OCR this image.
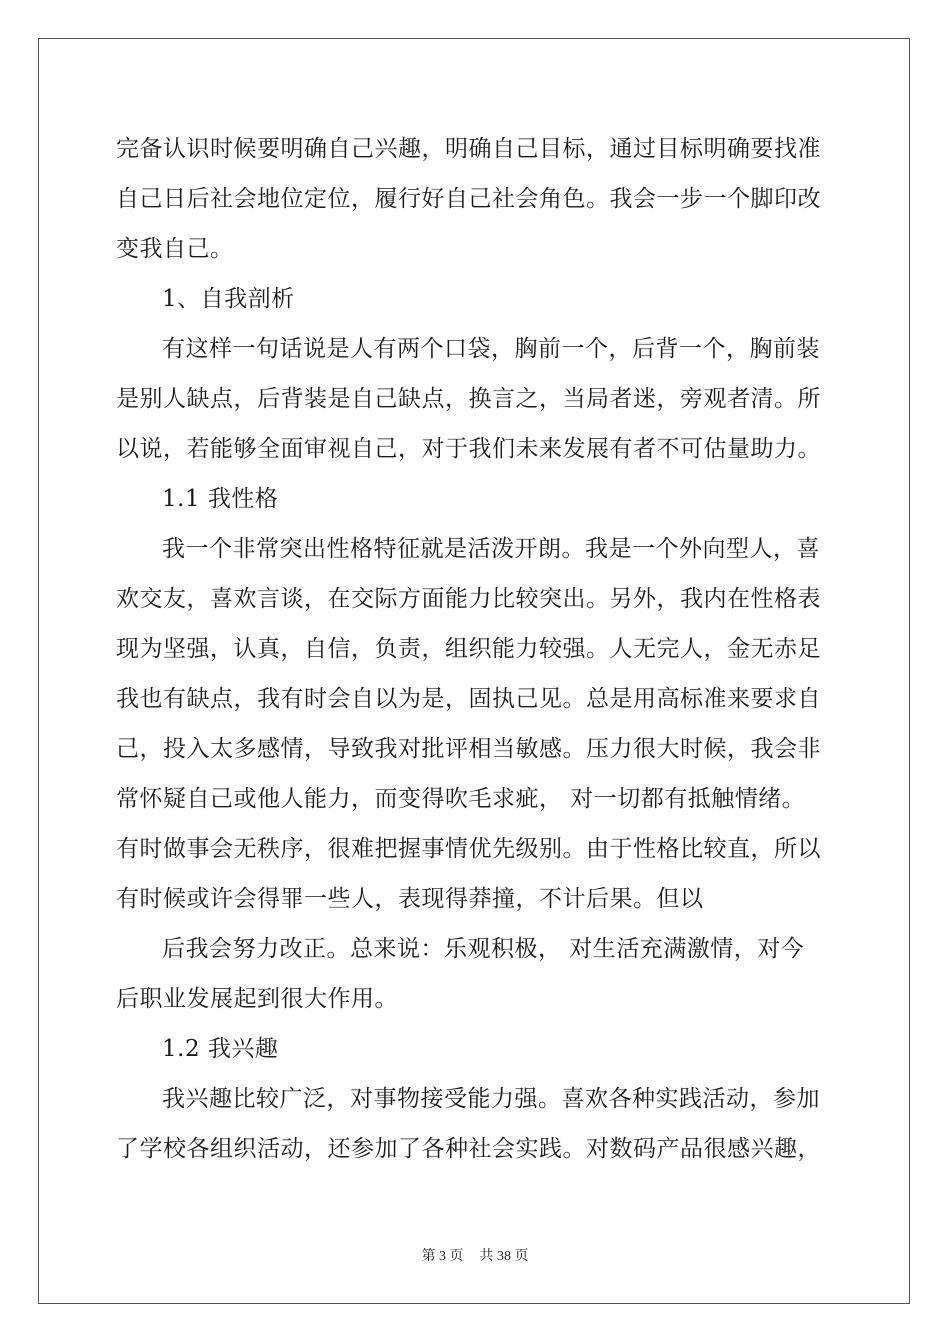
完备认识时候要明确自己兴趣，明确自己目标，通过目标明确要找准
自己日后社会地位定位，履行好自己社会角色。我会一步一个脚印改
变我自己。
1、自我剖析
有这样一句话说是人有两个口袋，胸前一个，后背一个，胸前装
是别人缺点，后背装是自己缺点，换言之，当局者迷，旁观者清。所
以说，若能够全面审视自己，对于我们未来发展有者不可估量助力。
1.1 我性格
我一个非常突出性格特征就是活泼开朗。我是一个外向型人，喜
欢交友，喜欢言谈，在交际方面能力比较突出。另外，我内在性格表
现为坚强，认真，自信，负责，组织能力较强。人无完人，金无赤足
我也有缺点，我有时会自以为是，固执己见。总是用高标准来要求自
己，投入太多感情，导致我对批评相当敏感。压力很大时候，我会非
常怀疑自己或他人能力，而变得吹毛求疵， 对一切都有抵触情绪。
有时做事会无秩序，很难把握事情优先级别。由于性格比较直，所以
有时候或许会得罪一些人，表现得莽撞，不计后果。但以
后我会努力改正。总来说：乐观积极， 对生活充满激情，对今
后职业发展起到很大作用。
1.2 我兴趣
我兴趣比较广泛，对事物接受能力强。喜欢各种实践活动，参加
了学校各组织活动，还参加了各种社会实践。对数码产品很感兴趣，
第 3 页 共 38 页
